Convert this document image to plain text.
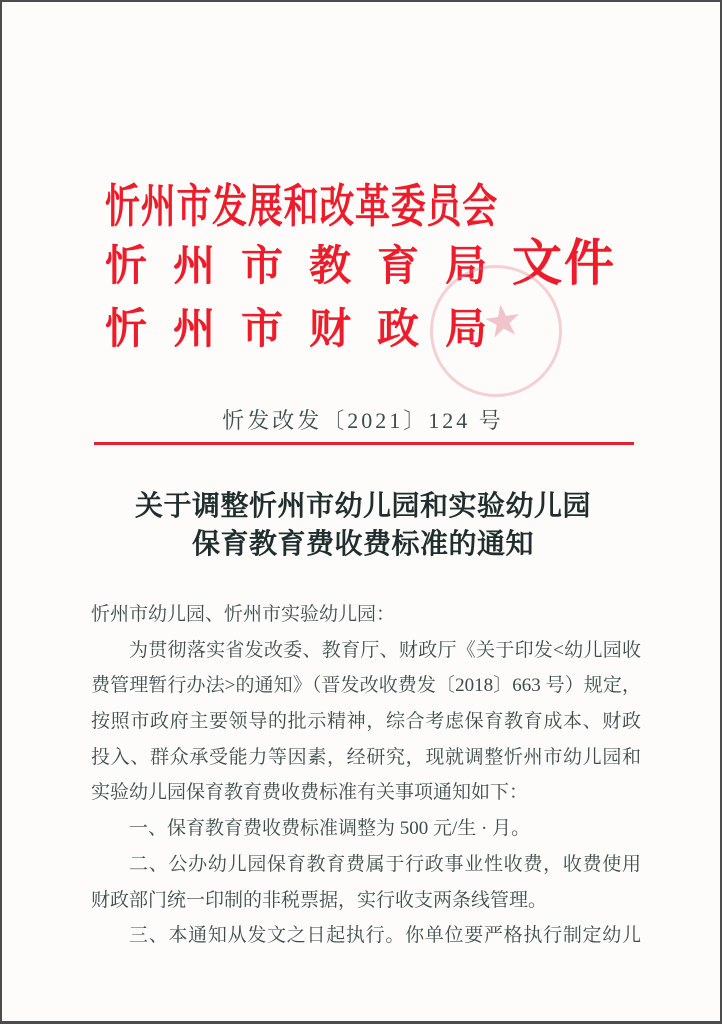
忻州市发展和改革委员会
忻州市教育局
忻州市财政局
文件
★
忻发改发〔2021〕124 号
关于调整忻州市幼儿园和实验幼儿园
保育教育费收费标准的通知
忻州市幼儿园、忻州市实验幼儿园：
为贯彻落实省发改委、教育厅、财政厅《关于印发<幼儿园收
费管理暂行办法>的通知》（晋发改收费发〔2018〕663 号）规定，
按照市政府主要领导的批示精神，综合考虑保育教育成本、财政
投入、群众承受能力等因素，经研究，现就调整忻州市幼儿园和
实验幼儿园保育教育费收费标准有关事项通知如下：
一、保育教育费收费标准调整为 500 元/生 · 月。
二、公办幼儿园保育教育费属于行政事业性收费，收费使用
财政部门统一印制的非税票据，实行收支两条线管理。
三、本通知从发文之日起执行。你单位要严格执行制定幼儿
